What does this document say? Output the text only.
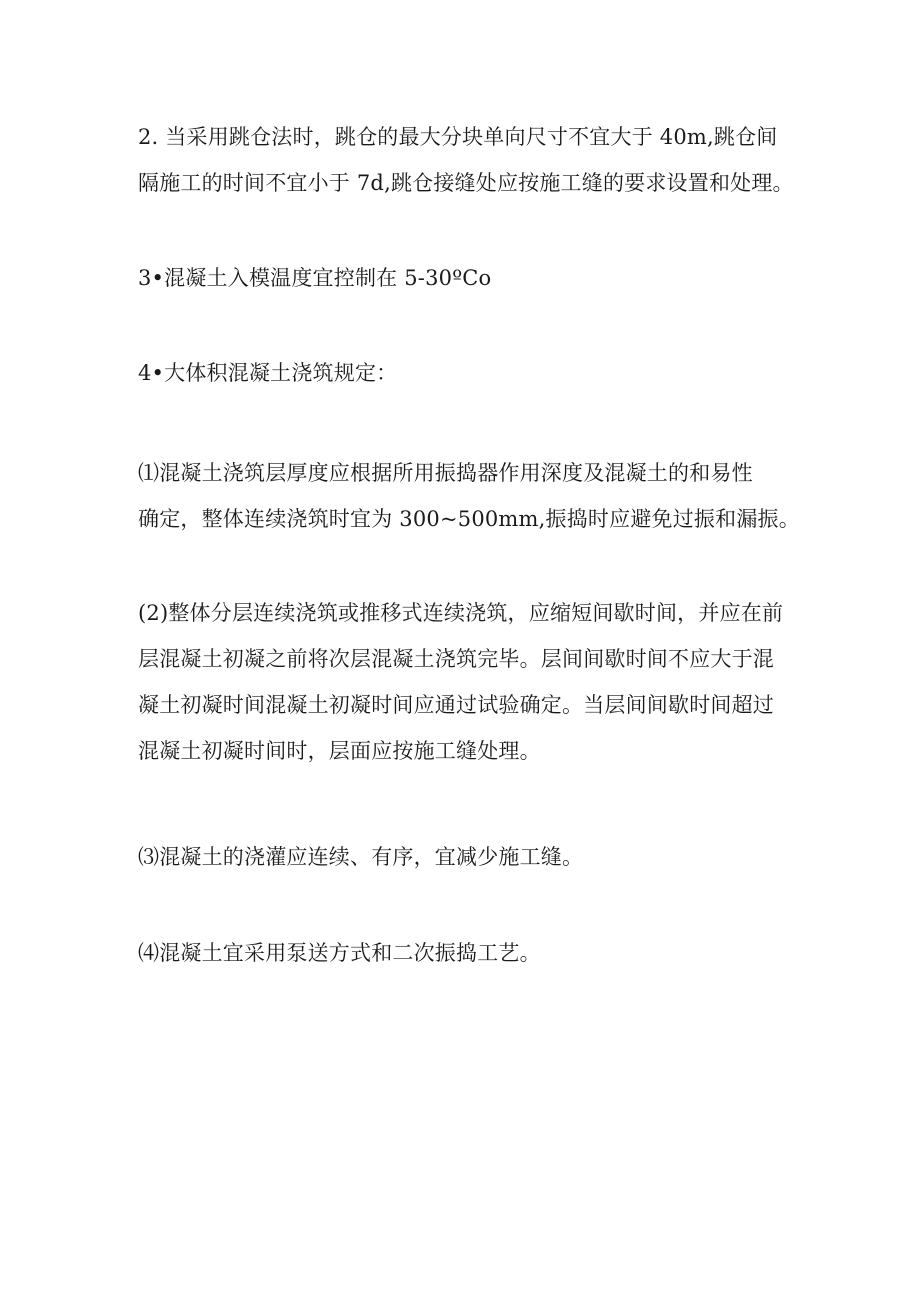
2. 当采用跳仓法时，跳仓的最大分块单向尺寸不宜大于 40m,跳仓间
隔施工的时间不宜小于 7d,跳仓接缝处应按施工缝的要求设置和处理。

3•混凝土入模温度宜控制在 5-30ºCo

4•大体积混凝土浇筑规定：

⑴混凝土浇筑层厚度应根据所用振捣器作用深度及混凝土的和易性
确定，整体连续浇筑时宜为 300~500mm,振捣时应避免过振和漏振。

(2)整体分层连续浇筑或推移式连续浇筑，应缩短间歇时间，并应在前
层混凝土初凝之前将次层混凝土浇筑完毕。层间间歇时间不应大于混
凝土初凝时间混凝土初凝时间应通过试验确定。当层间间歇时间超过
混凝土初凝时间时，层面应按施工缝处理。

⑶混凝土的浇灌应连续、有序，宜减少施工缝。

⑷混凝土宜采用泵送方式和二次振捣工艺。
